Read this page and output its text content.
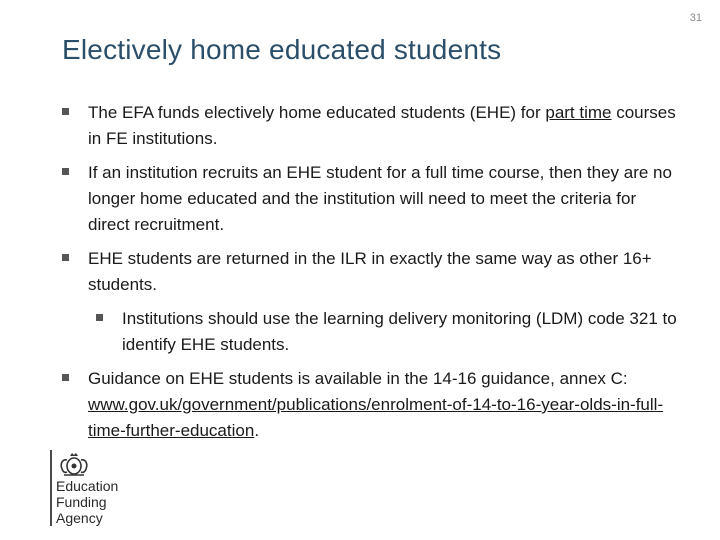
31
Electively home educated students
The EFA funds electively home educated students (EHE) for part time courses in FE institutions.
If an institution recruits an EHE student for a full time course, then they are no longer home educated and the institution will need to meet the criteria for direct recruitment.
EHE students are returned in the ILR in exactly the same way as other 16+ students.
Institutions should use the learning delivery monitoring (LDM) code 321 to identify EHE students.
Guidance on EHE students is available in the 14-16 guidance, annex C: www.gov.uk/government/publications/enrolment-of-14-to-16-year-olds-in-full-time-further-education.
Education
Funding
Agency
